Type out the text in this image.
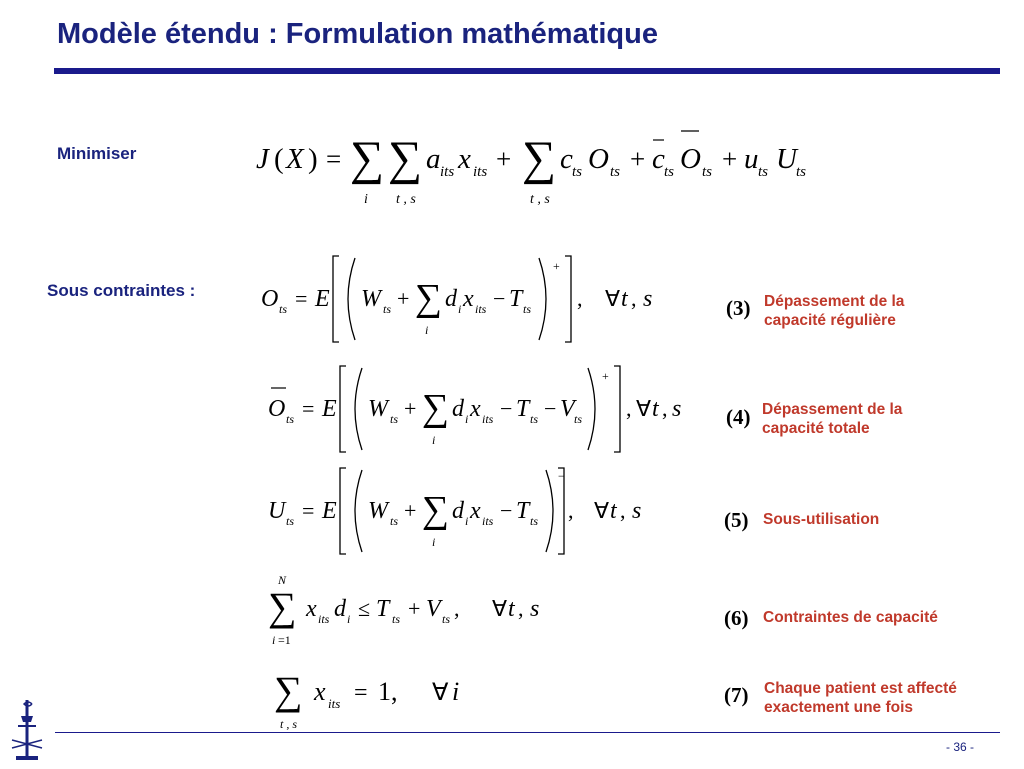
Modèle étendu : Formulation mathématique
Minimiser	J ( X ) = ∑ ∑
i t , s
a its x its + ∑
t , s
c ts O ts + c ts O ts + u ts U ts
Sous contraintes :	O ts = E W ts + ∑
i
d i x its − T ts
+
, ∀ t , s	(3) Dépassement de la capacité régulière
O ts = E W ts + ∑
i
d i x its − T ts − V ts
+
, ∀ t , s (4) Dépassement de la capacité totale
U ts = E W ts + ∑
i
d i x its − T ts
−
, ∀ t , s	(5) Sous-utilisation
N
∑
i =1
x its d i ≤ T ts + V ts , ∀ t , s	(6) Contraintes de capacité
∑
t , s
x its = 1, ∀ i	(7) Chaque patient est affecté exactement une fois
- 36 -
